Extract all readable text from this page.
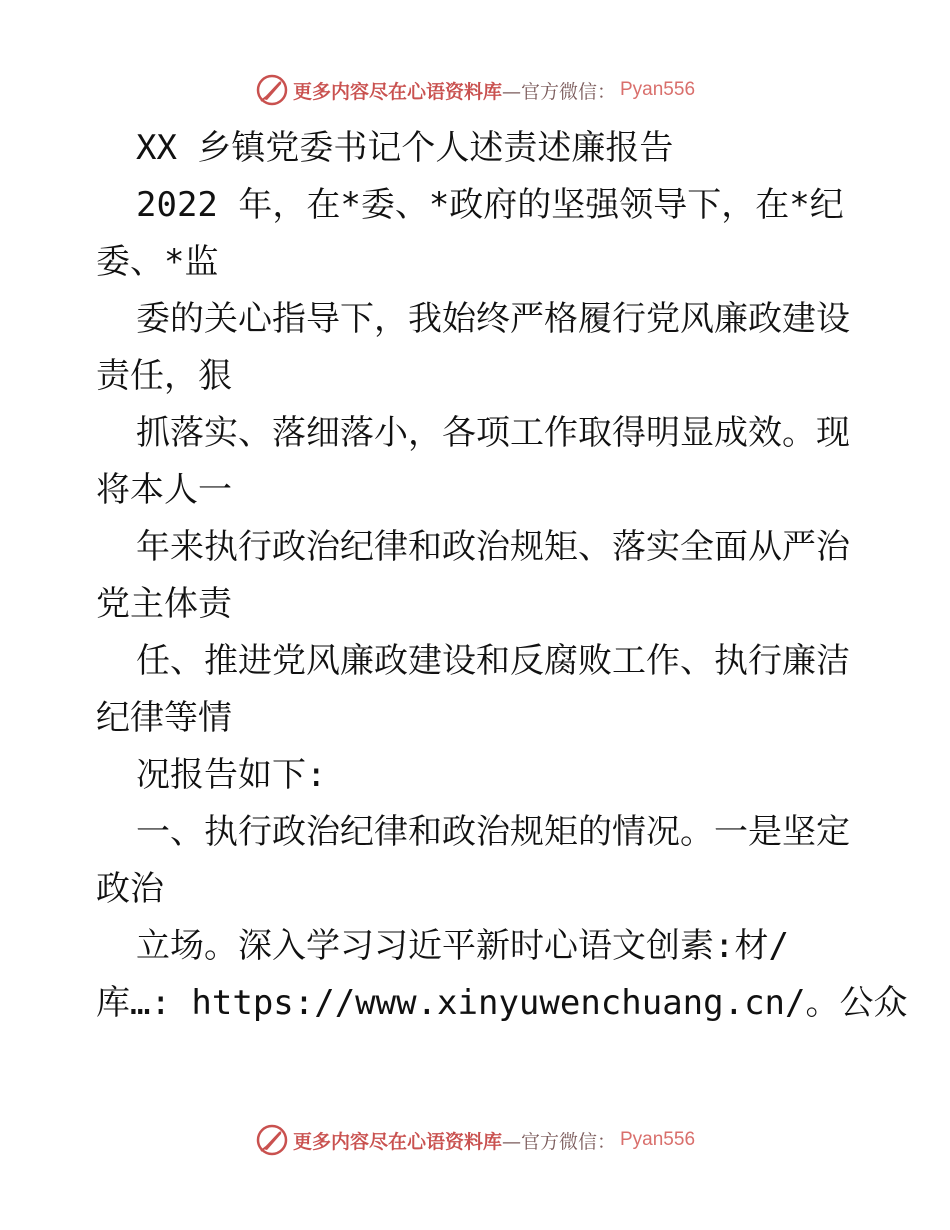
更多内容尽在心语资料库 —官方微信： Pyan556
XX 乡镇党委书记个人述责述廉报告
2022 年，在*委、*政府的坚强领导下，在*纪
委、*监
委的关心指导下，我始终严格履行党风廉政建设
责任，狠
抓落实、落细落小，各项工作取得明显成效。现
将本人一
年来执行政治纪律和政治规矩、落实全面从严治
党主体责
任、推进党风廉政建设和反腐败工作、执行廉洁
纪律等情
况报告如下:
一、执行政治纪律和政治规矩的情况。一是坚定
政治
立场。深入学习习近平新时心语文创素:材/
库…: https://www.xinyuwenchuang.cn/。公众
更多内容尽在心语资料库 —官方微信： Pyan556
